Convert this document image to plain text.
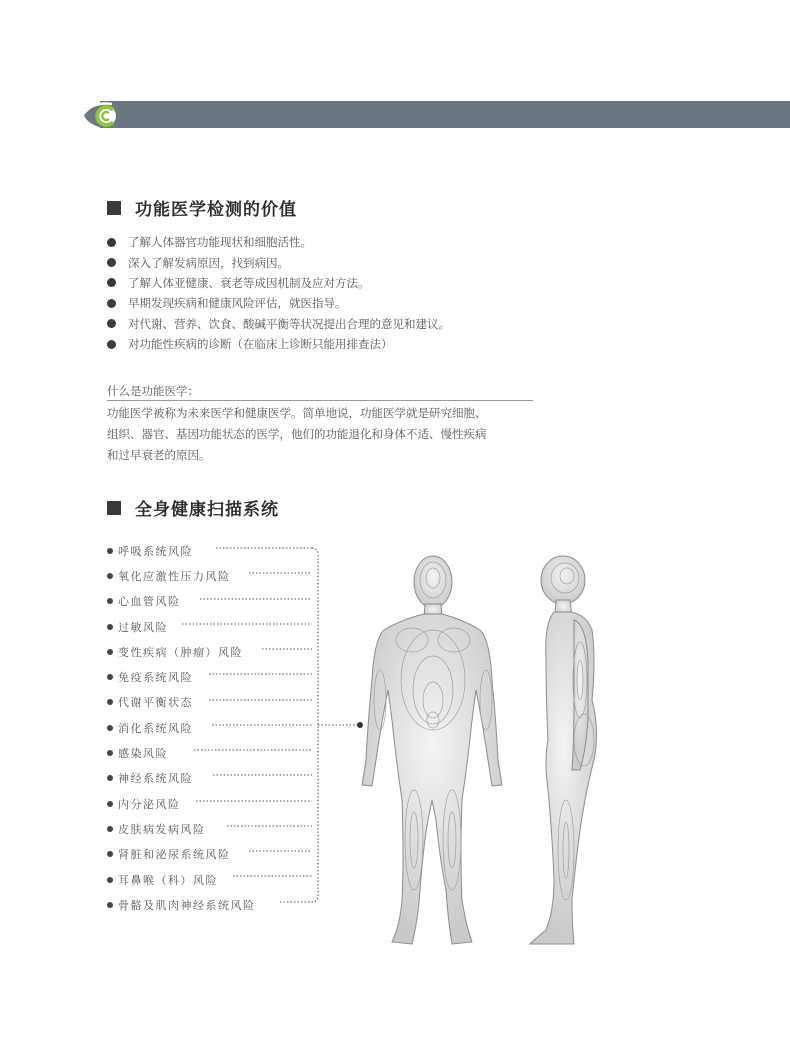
功能医学检测的价值
了解人体器官功能现状和细胞活性。
深入了解发病原因，找到病因。
了解人体亚健康、衰老等成因机制及应对方法。
早期发现疾病和健康风险评估，就医指导。
对代谢、营养、饮食、酸碱平衡等状况提出合理的意见和建议。
对功能性疾病的诊断（在临床上诊断只能用排查法）
什么是功能医学：

功能医学被称为未来医学和健康医学。简单地说，功能医学就是研究细胞、

组织、器官、基因功能状态的医学，他们的功能退化和身体不适、慢性疾病

和过早衰老的原因。

全身健康扫描系统
呼吸系统风险
氧化应激性压力风险
心血管风险
过敏风险
变性疾病（肿瘤）风险
免疫系统风险
代谢平衡状态
消化系统风险
感染风险
神经系统风险
内分泌风险
皮肤病发病风险
肾脏和泌尿系统风险
耳鼻喉（科）风险
骨骼及肌肉神经系统风险
